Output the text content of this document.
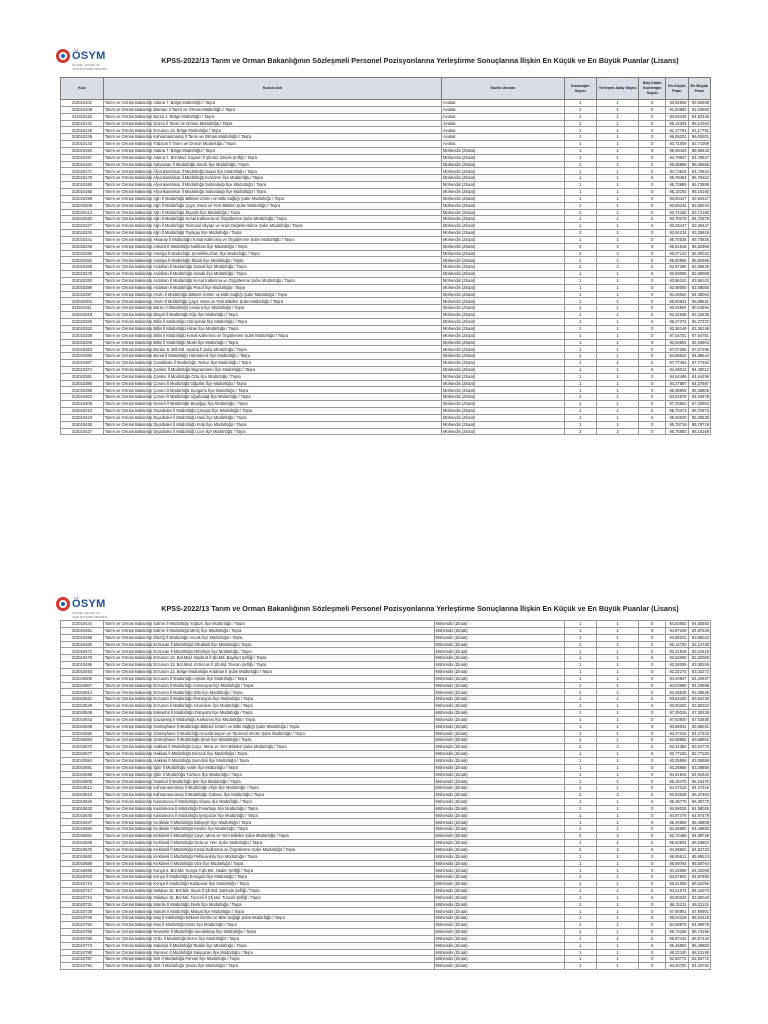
ÖSYM
ÖLÇME, SEÇME VE YERLEŞTİRME MERKEZİ
KPSS-2022/13 Tarım ve Orman Bakanlığının Sözleşmeli Personel Pozisyonlarına Yerleştirme Sonuçlarına İlişkin En Küçük ve En Büyük Puanlar (Lisans)
Kod	Kurum Adı	Kadro Unvanı	Kontenjan Sayısı	Yerleşen Aday Sayısı	Boş Kalan Kontenjan Sayısı	En Küçük Puan	En Büyük Puan
313010101	Tarım ve Orman Bakanlığı Adana 7. Bölge Müdürlüğü / Taşra	Avukat	1	1	0	93,92559	93,92559
313010108	Tarım ve Orman Bakanlığı Batman Ii Tarım ve Orman Müdürlüğü / Taşra	Avukat	1	1	0	91,63982	91,63982
313010115	Tarım ve Orman Bakanlığı Bursa 2. Bölge Müdürlüğü / Taşra	Avukat	1	1	0	94,93345	94,93345
313010122	Tarım ve Orman Bakanlığı Düzce İl Tarım ve Orman Müdürlüğü / Taşra	Avukat	1	1	0	96,12264	96,12264
313010129	Tarım ve Orman Bakanlığı Erzurum 13. Bölge Müdürlüğü / Taşra	Avukat	1	1	0	91,17791	91,17791
313010136	Tarım ve Orman Bakanlığı Kahramanmaraş İl Tarım ve Orman Müdürlüğü / Taşra	Avukat	1	1	0	96,05201	96,05201
313010143	Tarım ve Orman Bakanlığı Trabzon İl Tarım ve Orman Müdürlüğü / Taşra	Avukat	1	1	0	93,71009	93,71009
313010150	Tarım ve Orman Bakanlığı Adana 7. Bölge Müdürlüğü / Taşra	Mühendis (Ziraat)	1	1	0	86,68433	86,68433
313010157	Tarım ve Orman Bakanlığı Adana 7. Böl.Müd. Kayseri İl Şb.Md. Develi Şefliği / Taşra	Mühendis (Ziraat)	1	1	0	84,79937	84,79937
313010164	Tarım ve Orman Bakanlığı Adıyaman İl Müdürlüğü Sincik İlçe Müdürlüğü / Taşra	Mühendis (Ziraat)	1	1	0	85,05955	85,05955
313010171	Tarım ve Orman Bakanlığı Afyonkarahisar İl Müdürlüğü Bayat İlçe Müdürlüğü / Taşra	Mühendis (Ziraat)	1	1	0	84,73624	84,73624
313010178	Tarım ve Orman Bakanlığı Afyonkarahisar İl Müdürlüğü Kızılören İlçe Müdürlüğü / Taşra	Mühendis (Ziraat)	1	1	0	86,78454	86,78454
313010185	Tarım ve Orman Bakanlığı Afyonkarahisar İl Müdürlüğü Sultandağı İlçe Müdürlüğü / Taşra	Mühendis (Ziraat)	1	1	0	85,73889	85,73889
313010192	Tarım ve Orman Bakanlığı Afyonkarahisar İl Müdürlüğü Sultandağı İlçe Müdürlüğü / Taşra	Mühendis (Ziraat)	1	1	0	85,10192	85,10192
313010199	Tarım ve Orman Bakanlığı Ağrı İl Müdürlüğü Bitkisel Üretim ve Bitki Sağlığı Şube Müdürlüğü / Taşra	Mühendis (Ziraat)	1	1	0	83,60427	83,60427
313010206	Tarım ve Orman Bakanlığı Ağrı İl Müdürlüğü Çayır, Mera ve Yem Bitkileri Şube Müdürlüğü / Taşra	Mühendis (Ziraat)	1	1	0	83,59244	83,59244
313010213	Tarım ve Orman Bakanlığı Ağrı İl Müdürlüğü Diyadin İlçe Müdürlüğü / Taşra	Mühendis (Ziraat)	1	1	0	83,74180	83,74180
313010220	Tarım ve Orman Bakanlığı Ağrı İl Müdürlüğü Kırsal Kalkınma ve Örgütlenme Şube Müdürlüğü / Taşra	Mühendis (Ziraat)	1	1	0	84,70279	84,70279
313010227	Tarım ve Orman Bakanlığı Ağrı İl Müdürlüğü Tarımsal Altyapı ve Arazi Değerlendirme Şube Müdürlüğü / Taşra	Mühendis (Ziraat)	1	1	0	83,29447	83,29447
313010234	Tarım ve Orman Bakanlığı Ağrı İl Müdürlüğü Taşlıçay İlçe Müdürlüğü / Taşra	Mühendis (Ziraat)	2	2	0	82,94134	83,35919
313010241	Tarım ve Orman Bakanlığı Aksaray İl Müdürlüğü Kırsal Kalkınma ve Örgütlenme Şube Müdürlüğü / Taşra	Mühendis (Ziraat)	1	1	0	85,70835	85,70835
313010248	Tarım ve Orman Bakanlığı Ankara İl Müdürlüğü Nallıhan İlçe Müdürlüğü / Taşra	Mühendis (Ziraat)	2	2	0	85,51518	85,82956
313010255	Tarım ve Orman Bakanlığı Antalya İl Müdürlüğü Şenefikkuzhan İlçe Müdürlüğü / Taşra	Mühendis (Ziraat)	2	2	0	85,07132	85,90033
313010262	Tarım ve Orman Bakanlığı Antalya İl Müdürlüğü İbradı İlçe Müdürlüğü / Taşra	Mühendis (Ziraat)	1	1	0	85,82956	85,82956
313010269	Tarım ve Orman Bakanlığı Ardahan İl Müdürlüğü Damal İlçe Müdürlüğü / Taşra	Mühendis (Ziraat)	2	2	0	82,67296	82,69529
313010276	Tarım ve Orman Bakanlığı Ardahan İl Müdürlüğü Hanak İlçe Müdürlüğü / Taşra	Mühendis (Ziraat)	1	1	0	82,59058	82,59058
313010283	Tarım ve Orman Bakanlığı Ardahan İl Müdürlüğü Kırsal Kalkınma ve Örgütlenme Şube Müdürlüğü / Taşra	Mühendis (Ziraat)	1	1	0	83,96102	83,96102
313010290	Tarım ve Orman Bakanlığı Ardahan İl Müdürlüğü Posof İlçe Müdürlüğü / Taşra	Mühendis (Ziraat)	1	1	0	82,08050	82,08050
313010297	Tarım ve Orman Bakanlığı Artvin İl Müdürlüğü Bitkisel Üretim ve Bitki Sağlığı Şube Müdürlüğü / Taşra	Mühendis (Ziraat)	1	1	0	84,28063	84,28063
313010304	Tarım ve Orman Bakanlığı Artvin İl Müdürlüğü Çayır, Mera ve Yem Bitkileri Şube Müdürlüğü / Taşra	Mühendis (Ziraat)	1	1	0	85,59631	85,59631
313010311	Tarım ve Orman Bakanlığı Bartın İl Müdürlüğü Amasra İlçe Müdürlüğü / Taşra	Mühendis (Ziraat)	1	1	0	90,04594	90,04594
313010318	Tarım ve Orman Bakanlığı Bingöl İl Müdürlüğü Kiğı İlçe Müdürlüğü / Taşra	Mühendis (Ziraat)	1	1	0	82,32635	82,32635
313010325	Tarım ve Orman Bakanlığı Bitlis İl Müdürlüğü Güroymak İlçe Müdürlüğü / Taşra	Mühendis (Ziraat)	1	1	0	85,27372	85,27372
313010332	Tarım ve Orman Bakanlığı Bitlis İl Müdürlüğü Hizan İlçe Müdürlüğü / Taşra	Mühendis (Ziraat)	1	1	0	82,36148	82,36148
313010339	Tarım ve Orman Bakanlığı Bitlis İl Müdürlüğü Kırsal Kalkınma ve Örgütlenme Şube Müdürlüğü / Taşra	Mühendis (Ziraat)	1	1	0	87,64751	87,64751
313010346	Tarım ve Orman Bakanlığı Bitlis İl Müdürlüğü Mutki İlçe Müdürlüğü / Taşra	Mühendis (Ziraat)	1	1	0	82,93904	82,93904
313010353	Tarım ve Orman Bakanlığı Burdur 6. Böl.Md. Isparta İl Şube Müdürlüğü / Taşra	Mühendis (Ziraat)	1	1	0	87,07296	87,07296
313010360	Tarım ve Orman Bakanlığı Bursa İl Müdürlüğü Harmancık İlçe Müdürlüğü / Taşra	Mühendis (Ziraat)	1	1	0	84,88642	84,88642
313010367	Tarım ve Orman Bakanlığı Çanakkale İl Müdürlüğü Yenice İlçe Müdürlüğü / Taşra	Mühendis (Ziraat)	1	1	0	87,77464	87,77464
313010374	Tarım ve Orman Bakanlığı Çankırı İl Müdürlüğü Bayramören İlçe Müdürlüğü / Taşra	Mühendis (Ziraat)	1	1	0	84,49012	84,49012
313010381	Tarım ve Orman Bakanlığı Çankırı İl Müdürlüğü Orta İlçe Müdürlüğü / Taşra	Mühendis (Ziraat)	1	1	0	84,64496	84,64496
313010388	Tarım ve Orman Bakanlığı Çorum İl Müdürlüğü Oğuzlar İlçe Müdürlüğü / Taşra	Mühendis (Ziraat)	1	1	0	84,37887	84,37887
313010395	Tarım ve Orman Bakanlığı Çorum İl Müdürlüğü Sungurlu İlçe Müdürlüğü / Taşra	Mühendis (Ziraat)	1	1	0	85,38805	85,38805
313010402	Tarım ve Orman Bakanlığı Çorum İl Müdürlüğü Uğurludağ İlçe Müdürlüğü / Taşra	Mühendis (Ziraat)	1	1	0	84,04578	84,04578
313010409	Tarım ve Orman Bakanlığı Denizli İl Müdürlüğü Beyağaç İlçe Müdürlüğü / Taşra	Mühendis (Ziraat)	1	1	0	87,20963	87,20963
313010416	Tarım ve Orman Bakanlığı Diyarbakır İl Müdürlüğü Çüngüş İlçe Müdürlüğü / Taşra	Mühendis (Ziraat)	1	1	0	85,70473	85,70473
313010423	Tarım ve Orman Bakanlığı Diyarbakır İl Müdürlüğü Hani İlçe Müdürlüğü / Taşra	Mühendis (Ziraat)	1	1	0	85,28530	85,28530
313010430	Tarım ve Orman Bakanlığı Diyarbakır İl Müdürlüğü Kulp İlçe Müdürlüğü / Taşra	Mühendis (Ziraat)	1	1	0	85,78719	85,78719
313010437	Tarım ve Orman Bakanlığı Diyarbakır İl Müdürlüğü Lice İlçe Müdürlüğü / Taşra	Mühendis (Ziraat)	2	2	0	85,75893	86,16169
ÖSYM
ÖLÇME, SEÇME VE YERLEŞTİRME MERKEZİ
KPSS-2022/13 Tarım ve Orman Bakanlığının Sözleşmeli Personel Pozisyonlarına Yerleştirme Sonuçlarına İlişkin En Küçük ve En Büyük Puanlar (Lisans)
313010444	Tarım ve Orman Bakanlığı Edirne İl Müdürlüğü Yoğüzü İlçe Müdürlüğü / Taşra	Mühendis (Ziraat)	1	1	0	84,83583	84,83583
313010451	Tarım ve Orman Bakanlığı Edirne İl Müdürlüğü Meriç İlçe Müdürlüğü / Taşra	Mühendis (Ziraat)	1	1	0	84,87229	84,87229
313010458	Tarım ve Orman Bakanlığı Elazığ İl Müdürlüğü Arıcak İlçe Müdürlüğü / Taşra	Mühendis (Ziraat)	1	1	0	83,96023	83,96023
313010465	Tarım ve Orman Bakanlığı Erzincan İl Müdürlüğü Otlukbeli İlçe Müdürlüğü / Taşra	Mühendis (Ziraat)	1	1	0	82,14730	82,14730
313010472	Tarım ve Orman Bakanlığı Erzincan İl Müdürlüğü Refahiye İlçe Müdürlüğü / Taşra	Mühendis (Ziraat)	1	1	0	83,31818	83,31818
313010479	Tarım ve Orman Bakanlığı Erzurum 13. Böl.Müd. Bayburt İl Şb.Md. Bayburt Şefliği / Taşra	Mühendis (Ziraat)	1	1	0	82,62069	82,62069
313010486	Tarım ve Orman Bakanlığı Erzurum 13. Böl.Müd. Erzincan İl Şb.Md. Tercan Şefliği / Taşra	Mühendis (Ziraat)	1	1	0	83,08259	83,08259
313010493	Tarım ve Orman Bakanlığı Erzurum 13. Bölge Müdürlüğü Ardahan İl Şube Müdürlüğü / Taşra	Mühendis (Ziraat)	1	1	0	83,32272	83,32272
313010500	Tarım ve Orman Bakanlığı Erzurum İl Müdürlüğü Aşkale İlçe Müdürlüğü / Taşra	Mühendis (Ziraat)	1	1	0	84,20937	84,20937
313010507	Tarım ve Orman Bakanlığı Erzurum İl Müdürlüğü Hınısoçna İlçe Müdürlüğü / Taşra	Mühendis (Ziraat)	1	1	0	84,03986	84,03986
313010514	Tarım ve Orman Bakanlığı Erzurum İl Müdürlüğü Oltu İlçe Müdürlüğü / Taşra	Mühendis (Ziraat)	1	1	0	83,48535	83,48535
313010521	Tarım ve Orman Bakanlığı Erzurum İl Müdürlüğü Pazaryolu İlçe Müdürlüğü / Taşra	Mühendis (Ziraat)	1	1	0	83,84230	83,84230
313010528	Tarım ve Orman Bakanlığı Erzurum İl Müdürlüğü Uzundere İlçe Müdürlüğü / Taşra	Mühendis (Ziraat)	1	1	0	83,80202	83,80202
313010535	Tarım ve Orman Bakanlığı Eskişehir İl Müdürlüğü Günyüzü İlçe Müdürlüğü / Taşra	Mühendis (Ziraat)	1	1	0	87,39326	87,39326
313010542	Tarım ve Orman Bakanlığı Gaziantep İl Müdürlüğü Karkamış İlçe Müdürlüğü / Taşra	Mühendis (Ziraat)	1	1	0	87,63930	87,63930
313010549	Tarım ve Orman Bakanlığı Gümüşhane İl Müdürlüğü Bitkisel Üretim ve Bitki Sağlığı Şube Müdürlüğü / Taşra	Mühendis (Ziraat)	1	1	0	83,85031	83,85031
313010556	Tarım ve Orman Bakanlığı Gümüşhane İl Müdürlüğü Koordinasyon ve Tarımsal Veriler Şube Müdürlüğü / Taşra	Mühendis (Ziraat)	1	1	0	84,47316	84,47316
313010563	Tarım ve Orman Bakanlığı Gümüşhane İl Müdürlüğü Şiran İlçe Müdürlüğü / Taşra	Mühendis (Ziraat)	1	1	0	83,69952	83,69952
313010570	Tarım ve Orman Bakanlığı Hakkari İl Müdürlüğü Çayır, Mera ve Yem Bitkileri Şube Müdürlüğü / Taşra	Mühendis (Ziraat)	2	2	0	82,31384	83,54776
313010577	Tarım ve Orman Bakanlığı Hakkari İl Müdürlüğü Derecik İlçe Müdürlüğü / Taşra	Mühendis (Ziraat)	1	1	0	82,77183	82,77183
313010584	Tarım ve Orman Bakanlığı Hakkari İl Müdürlüğü Şemdinli İlçe Müdürlüğü / Taşra	Mühendis (Ziraat)	1	1	0	83,05559	83,05559
313010591	Tarım ve Orman Bakanlığı Iğdır İl Müdürlüğü Aralık İlçe Müdürlüğü / Taşra	Mühendis (Ziraat)	1	1	0	83,28856	83,28856
313010598	Tarım ve Orman Bakanlığı Iğdır İl Müdürlüğü Tuzluca İlçe Müdürlüğü / Taşra	Mühendis (Ziraat)	1	1	0	84,91543	84,91543
313010605	Tarım ve Orman Bakanlığı İstanbul İl Müdürlüğü Şile İlçe Müdürlüğü / Taşra	Mühendis (Ziraat)	1	1	0	86,16470	86,16470
313010612	Tarım ve Orman Bakanlığı Kahramanmaraş İl Müdürlüğü Afşin İlçe Müdürlüğü / Taşra	Mühendis (Ziraat)	1	1	0	84,47316	84,47316
313010619	Tarım ve Orman Bakanlığı Kahramanmaraş İl Müdürlüğü Göksun İlçe Müdürlüğü / Taşra	Mühendis (Ziraat)	2	2	0	82,83548	86,47453
313010626	Tarım ve Orman Bakanlığı Kastamonu İl Müdürlüğü Abana İlçe Müdürlüğü / Taşra	Mühendis (Ziraat)	1	1	0	86,38770	86,38770
313010633	Tarım ve Orman Bakanlığı Kastamonu İl Müdürlüğü Pınarbaşı İlçe Müdürlüğü / Taşra	Mühendis (Ziraat)	1	1	0	84,58025	84,58025
313010640	Tarım ve Orman Bakanlığı Kastamonu İl Müdürlüğü Şenpazar İlçe Müdürlüğü / Taşra	Mühendis (Ziraat)	1	1	0	84,97479	84,97479
313010647	Tarım ve Orman Bakanlığı Kırıkkale İl Müdürlüğü Balışeyh İlçe Müdürlüğü / Taşra	Mühendis (Ziraat)	1	1	0	85,40809	85,40809
313010654	Tarım ve Orman Bakanlığı Kırıkkale İl Müdürlüğü Keskin İlçe Müdürlüğü / Taşra	Mühendis (Ziraat)	1	1	0	84,46882	84,46882
313010661	Tarım ve Orman Bakanlığı Kırklareli İl Müdürlüğü Çayır, Mera ve Yem Bitkileri Şube Müdürlüğü / Taşra	Mühendis (Ziraat)	2	2	0	82,74468	84,88729
313010668	Tarım ve Orman Bakanlığı Kırklareli İl Müdürlüğü Gıda ve Yem Şube Müdürlüğü / Taşra	Mühendis (Ziraat)	1	1	0	85,63804	85,63804
313010675	Tarım ve Orman Bakanlığı Kırklareli İl Müdürlüğü Kırsal Kalkınma ve Örgütlenme Şube Müdürlüğü / Taşra	Mühendis (Ziraat)	2	2	0	84,39663	84,52734
313010682	Tarım ve Orman Bakanlığı Kırklareli İl Müdürlüğü Pehlivanköy İlçe Müdürlüğü / Taşra	Mühendis (Ziraat)	1	1	0	85,95513	85,95513
313010689	Tarım ve Orman Bakanlığı Kırklareli İl Müdürlüğü Vize İlçe Müdürlüğü / Taşra	Mühendis (Ziraat)	1	1	0	85,59764	85,59764
313010696	Tarım ve Orman Bakanlığı Konya 6. Böl.Md. Konya İl Şb.Md. Hadim Şefliği / Taşra	Mühendis (Ziraat)	1	1	0	84,32059	84,32059
313010703	Tarım ve Orman Bakanlığı Konya İl Müdürlüğü Emirgazi İlçe Müdürlüğü / Taşra	Mühendis (Ziraat)	1	1	0	84,87592	84,87592
313010710	Tarım ve Orman Bakanlığı Konya İl Müdürlüğü Karapınar İlçe Müdürlüğü / Taşra	Mühendis (Ziraat)	1	1	0	85,51059	85,51059
313010717	Tarım ve Orman Bakanlığı Malatya 15. Böl.Md. Sivas İl Şb.Md. Şarkışla Şefliği / Taşra	Mühendis (Ziraat)	1	1	0	84,41074	84,41074
313010724	Tarım ve Orman Bakanlığı Malatya 15. Böl.Md. Tunceli İl Şb.Md. Tunceli Şefliği / Taşra	Mühendis (Ziraat)	1	1	0	83,80040	83,80040
313010731	Tarım ve Orman Bakanlığı Mardin İl Müdürlüğü Derik İlçe Müdürlüğü / Taşra	Mühendis (Ziraat)	1	1	0	86,31131	86,31131
313010738	Tarım ve Orman Bakanlığı Mardin İl Müdürlüğü Midyat İlçe Müdürlüğü / Taşra	Mühendis (Ziraat)	1	1	0	87,90901	87,90901
313010745	Tarım ve Orman Bakanlığı Muş İl Müdürlüğü Bitkisel Üretim ve Bitki Sağlığı Şube Müdürlüğü / Taşra	Mühendis (Ziraat)	1	1	0	85,04318	85,04318
313010752	Tarım ve Orman Bakanlığı Muş İl Müdürlüğü Varto İlçe Müdürlüğü / Taşra	Mühendis (Ziraat)	1	1	0	84,58979	84,58979
313010759	Tarım ve Orman Bakanlığı Nevşehir İl Müdürlüğü Hacıbektaş İlçe Müdürlüğü / Taşra	Mühendis (Ziraat)	1	1	0	86,73155	86,73155
313010766	Tarım ve Orman Bakanlığı Ordu İl Müdürlüğü Ikizce İlçe Müdürlüğü / Taşra	Mühendis (Ziraat)	1	1	0	85,97443	85,97443
313010773	Tarım ve Orman Bakanlığı Sakarya İl Müdürlüğü Taraklı İlçe Müdürlüğü / Taşra	Mühendis (Ziraat)	1	1	0	86,46883	86,46883
313010780	Tarım ve Orman Bakanlığı Samsun İl Müdürlüğü Salıpazarı İlçe Müdürlüğü / Taşra	Mühendis (Ziraat)	1	1	0	88,22190	88,22190
313010787	Tarım ve Orman Bakanlığı Siirt İl Müdürlüğü Pervari İlçe Müdürlüğü / Taşra	Mühendis (Ziraat)	1	1	0	82,93772	82,93772
313010794	Tarım ve Orman Bakanlığı Siirt İl Müdürlüğü Şirvan İlçe Müdürlüğü / Taşra	Mühendis (Ziraat)	1	1	0	84,33782	84,33782
